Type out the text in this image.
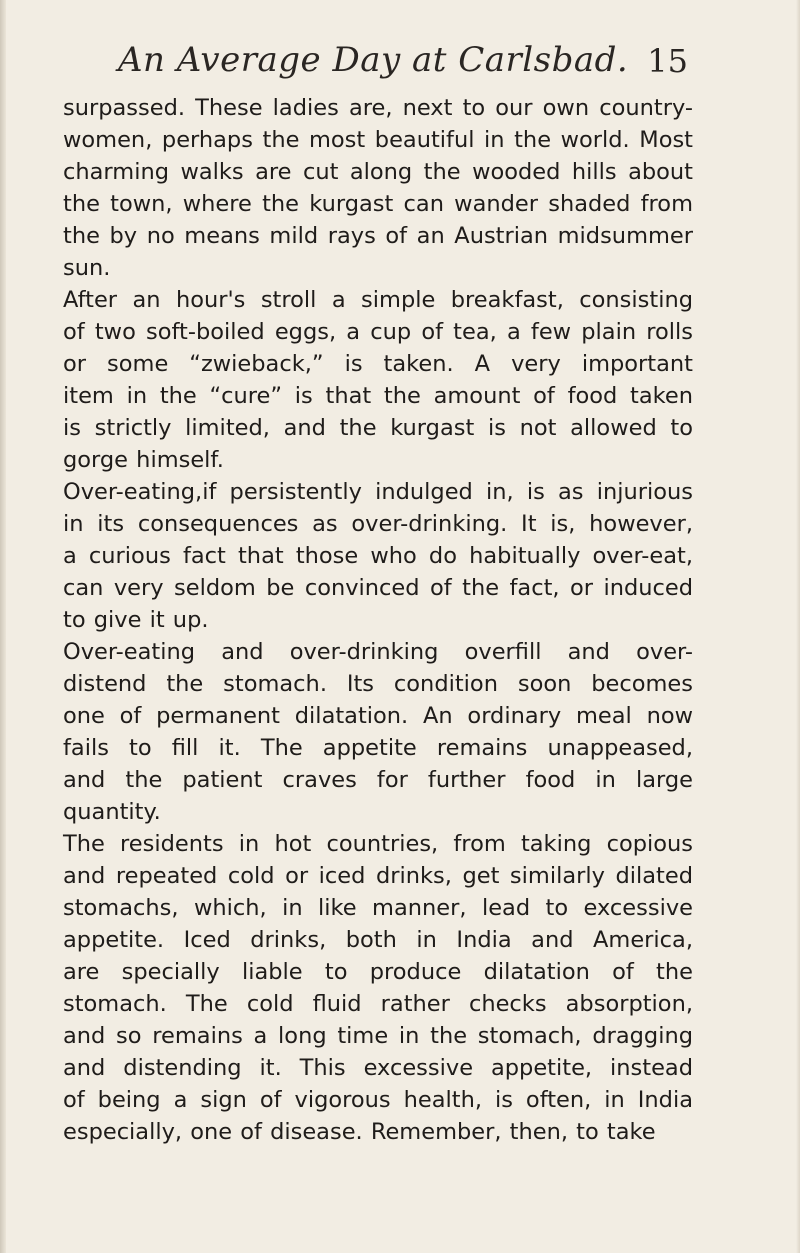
An Average Day at Carlsbad. 15
surpassed. These ladies are, next to our own country-
women, perhaps the most beautiful in the world. Most
charming walks are cut along the wooded hills about
the town, where the kurgast can wander shaded from
the by no means mild rays of an Austrian midsummer
sun.
After an hour's stroll a simple breakfast, consisting
of two soft-boiled eggs, a cup of tea, a few plain rolls
or some “zwieback,” is taken. A very important
item in the “cure” is that the amount of food taken
is strictly limited, and the kurgast is not allowed to
gorge himself.
Over-eating,if persistently indulged in, is as injurious
in its consequences as over-drinking. It is, however,
a curious fact that those who do habitually over-eat,
can very seldom be convinced of the fact, or induced
to give it up.
Over-eating and over-drinking overfill and over-
distend the stomach. Its condition soon becomes
one of permanent dilatation. An ordinary meal now
fails to fill it. The appetite remains unappeased,
and the patient craves for further food in large
quantity.
The residents in hot countries, from taking copious
and repeated cold or iced drinks, get similarly dilated
stomachs, which, in like manner, lead to excessive
appetite. Iced drinks, both in India and America,
are specially liable to produce dilatation of the
stomach. The cold fluid rather checks absorption,
and so remains a long time in the stomach, dragging
and distending it. This excessive appetite, instead
of being a sign of vigorous health, is often, in India
especially, one of disease. Remember, then, to take
